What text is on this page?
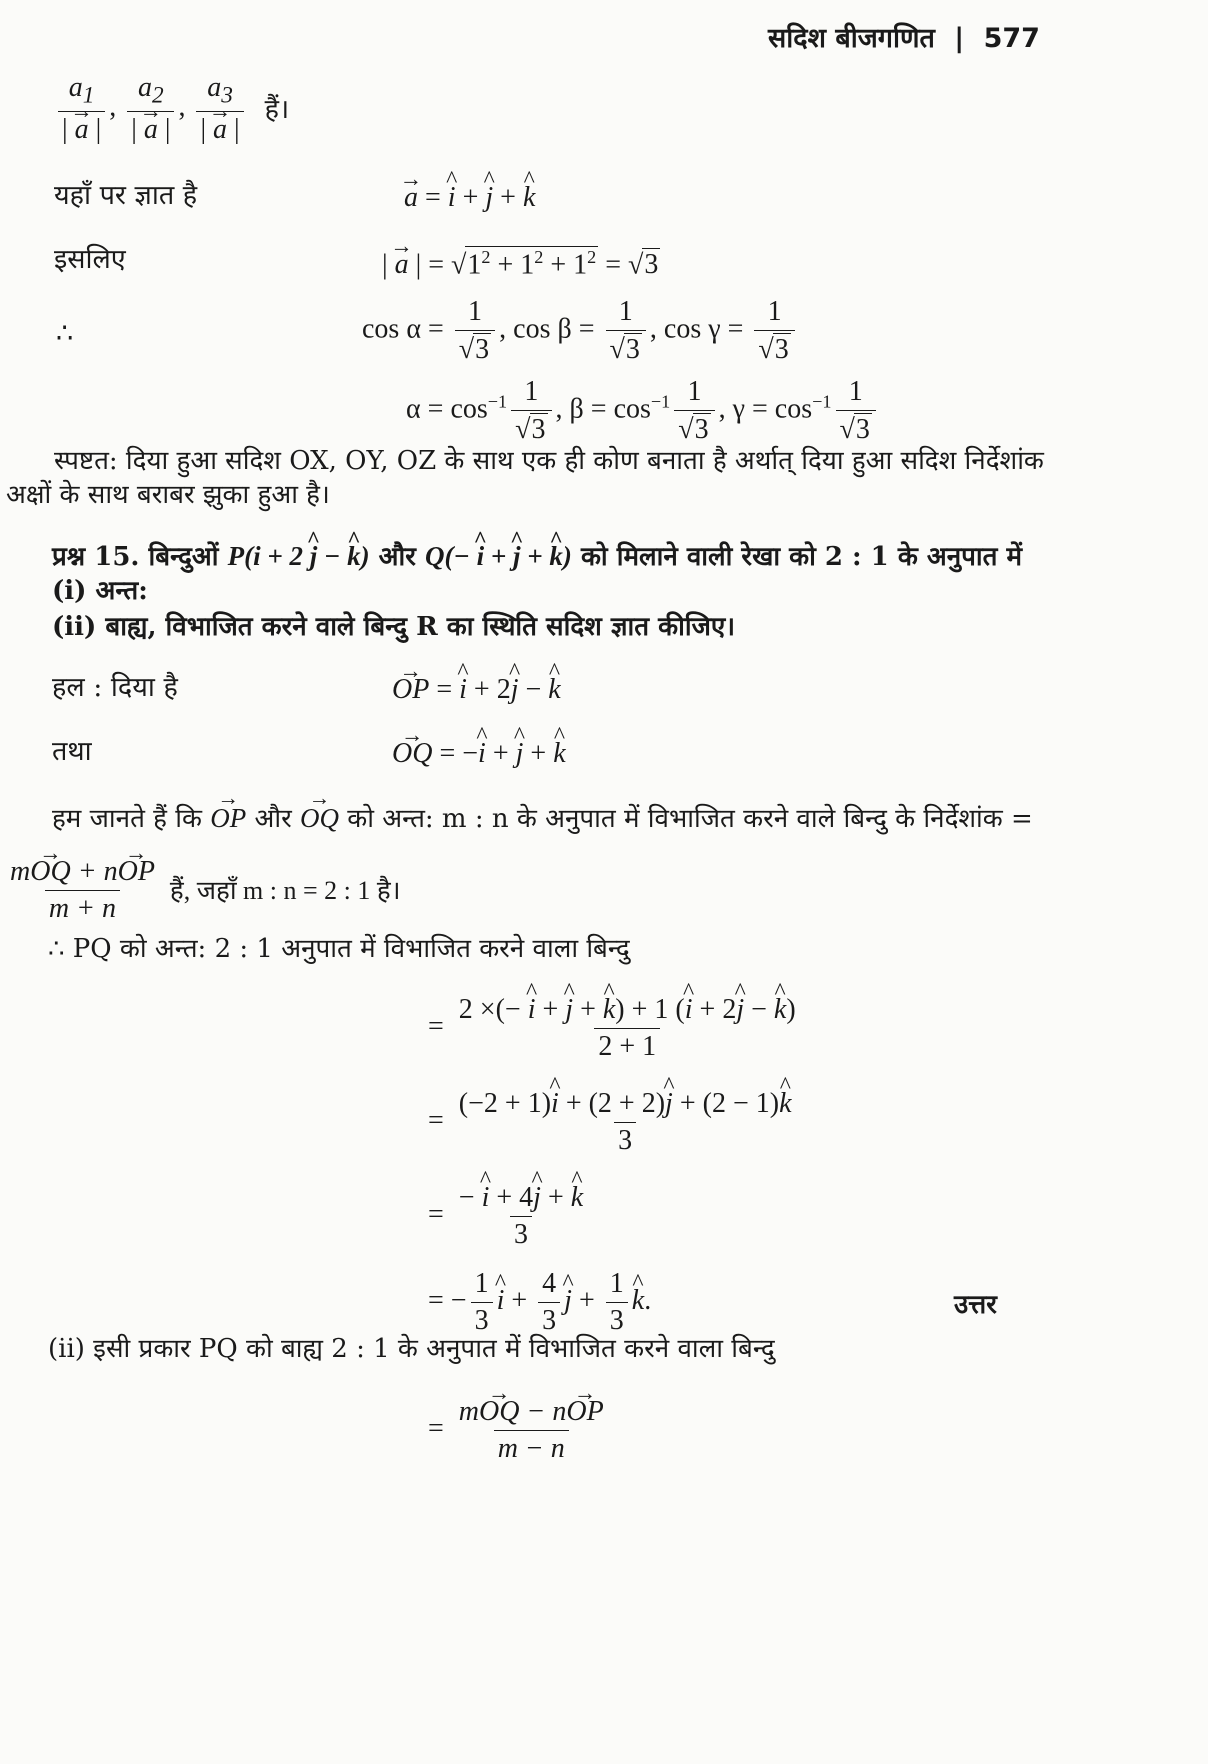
सदिश बीजगणित | 577
$\frac{a_1}{| \to a |}$ , $\frac{a_2}{| \to a |}$ , $\frac{a_3}{| \to a |}$ हैं।
यहाँ पर ज्ञात है	→ a = ^ i + ^ j + ^ k
इसलिए	| → a | = $√1^2 + 1^2 + 1^2 = √3$
∴	$\cos \alpha = \frac{1}{√3}$ , $\cos \beta = \frac{1}{√3}$ , $\cos \gamma = \frac{1}{√3}$
$\alpha = \cos^{-1} \frac{1}{√3}$ , $\beta = \cos^{-1} \frac{1}{√3}$ , $\gamma = \cos^{-1} \frac{1}{√3}$
स्पष्टत: दिया हुआ सदिश OX, OY, OZ के साथ एक ही कोण बनाता है अर्थात् दिया हुआ सदिश निर्देशांक
अक्षों के साथ बराबर झुका हुआ है।
प्रश्न 15. बिन्दुओं P(i + 2 ^ j − ^ k) और Q(− ^ i + ^ j + ^ k) को मिलाने वाली रेखा को 2 : 1 के अनुपात में
(i) अन्त:
(ii) बाह्य, विभाजित करने वाले बिन्दु R का स्थिति सदिश ज्ञात कीजिए।
हल : दिया है	→ OP = ^ i + 2^ j − ^ k
तथा	→ OQ = −^ i + ^ j + ^ k
हम जानते हैं कि → OP और → OQ को अन्त: m : n के अनुपात में विभाजित करने वाले बिन्दु के निर्देशांक =
$\frac{m\to OQ + n\to OP}{m + n}$ हैं, जहाँ m : n = 2 : 1 है।
∴ PQ को अन्त: 2 : 1 अनुपात में विभाजित करने वाला बिन्दु
= $\frac{2 \times(- \^{} i + \^{} j + \^{} k) + 1 (\^{} i + 2\^{} j - \^{} k)}{2 + 1}$
= $\frac{(-2 + 1)\^{} i + (2 + 2)\^{} j + (2 - 1)\^{} k}{3}$
= $\frac{- \^{} i + 4\^{} j + \^{} k}{3}$
= − $\frac{1}{3}$ ^ $i + \frac{4}{3}$ ^ $j + \frac{1}{3}$ ^ k.	उत्तर
(ii) इसी प्रकार PQ को बाह्य 2 : 1 के अनुपात में विभाजित करने वाला बिन्दु
= $\frac{m\to OQ - n\to OP}{m - n}$
